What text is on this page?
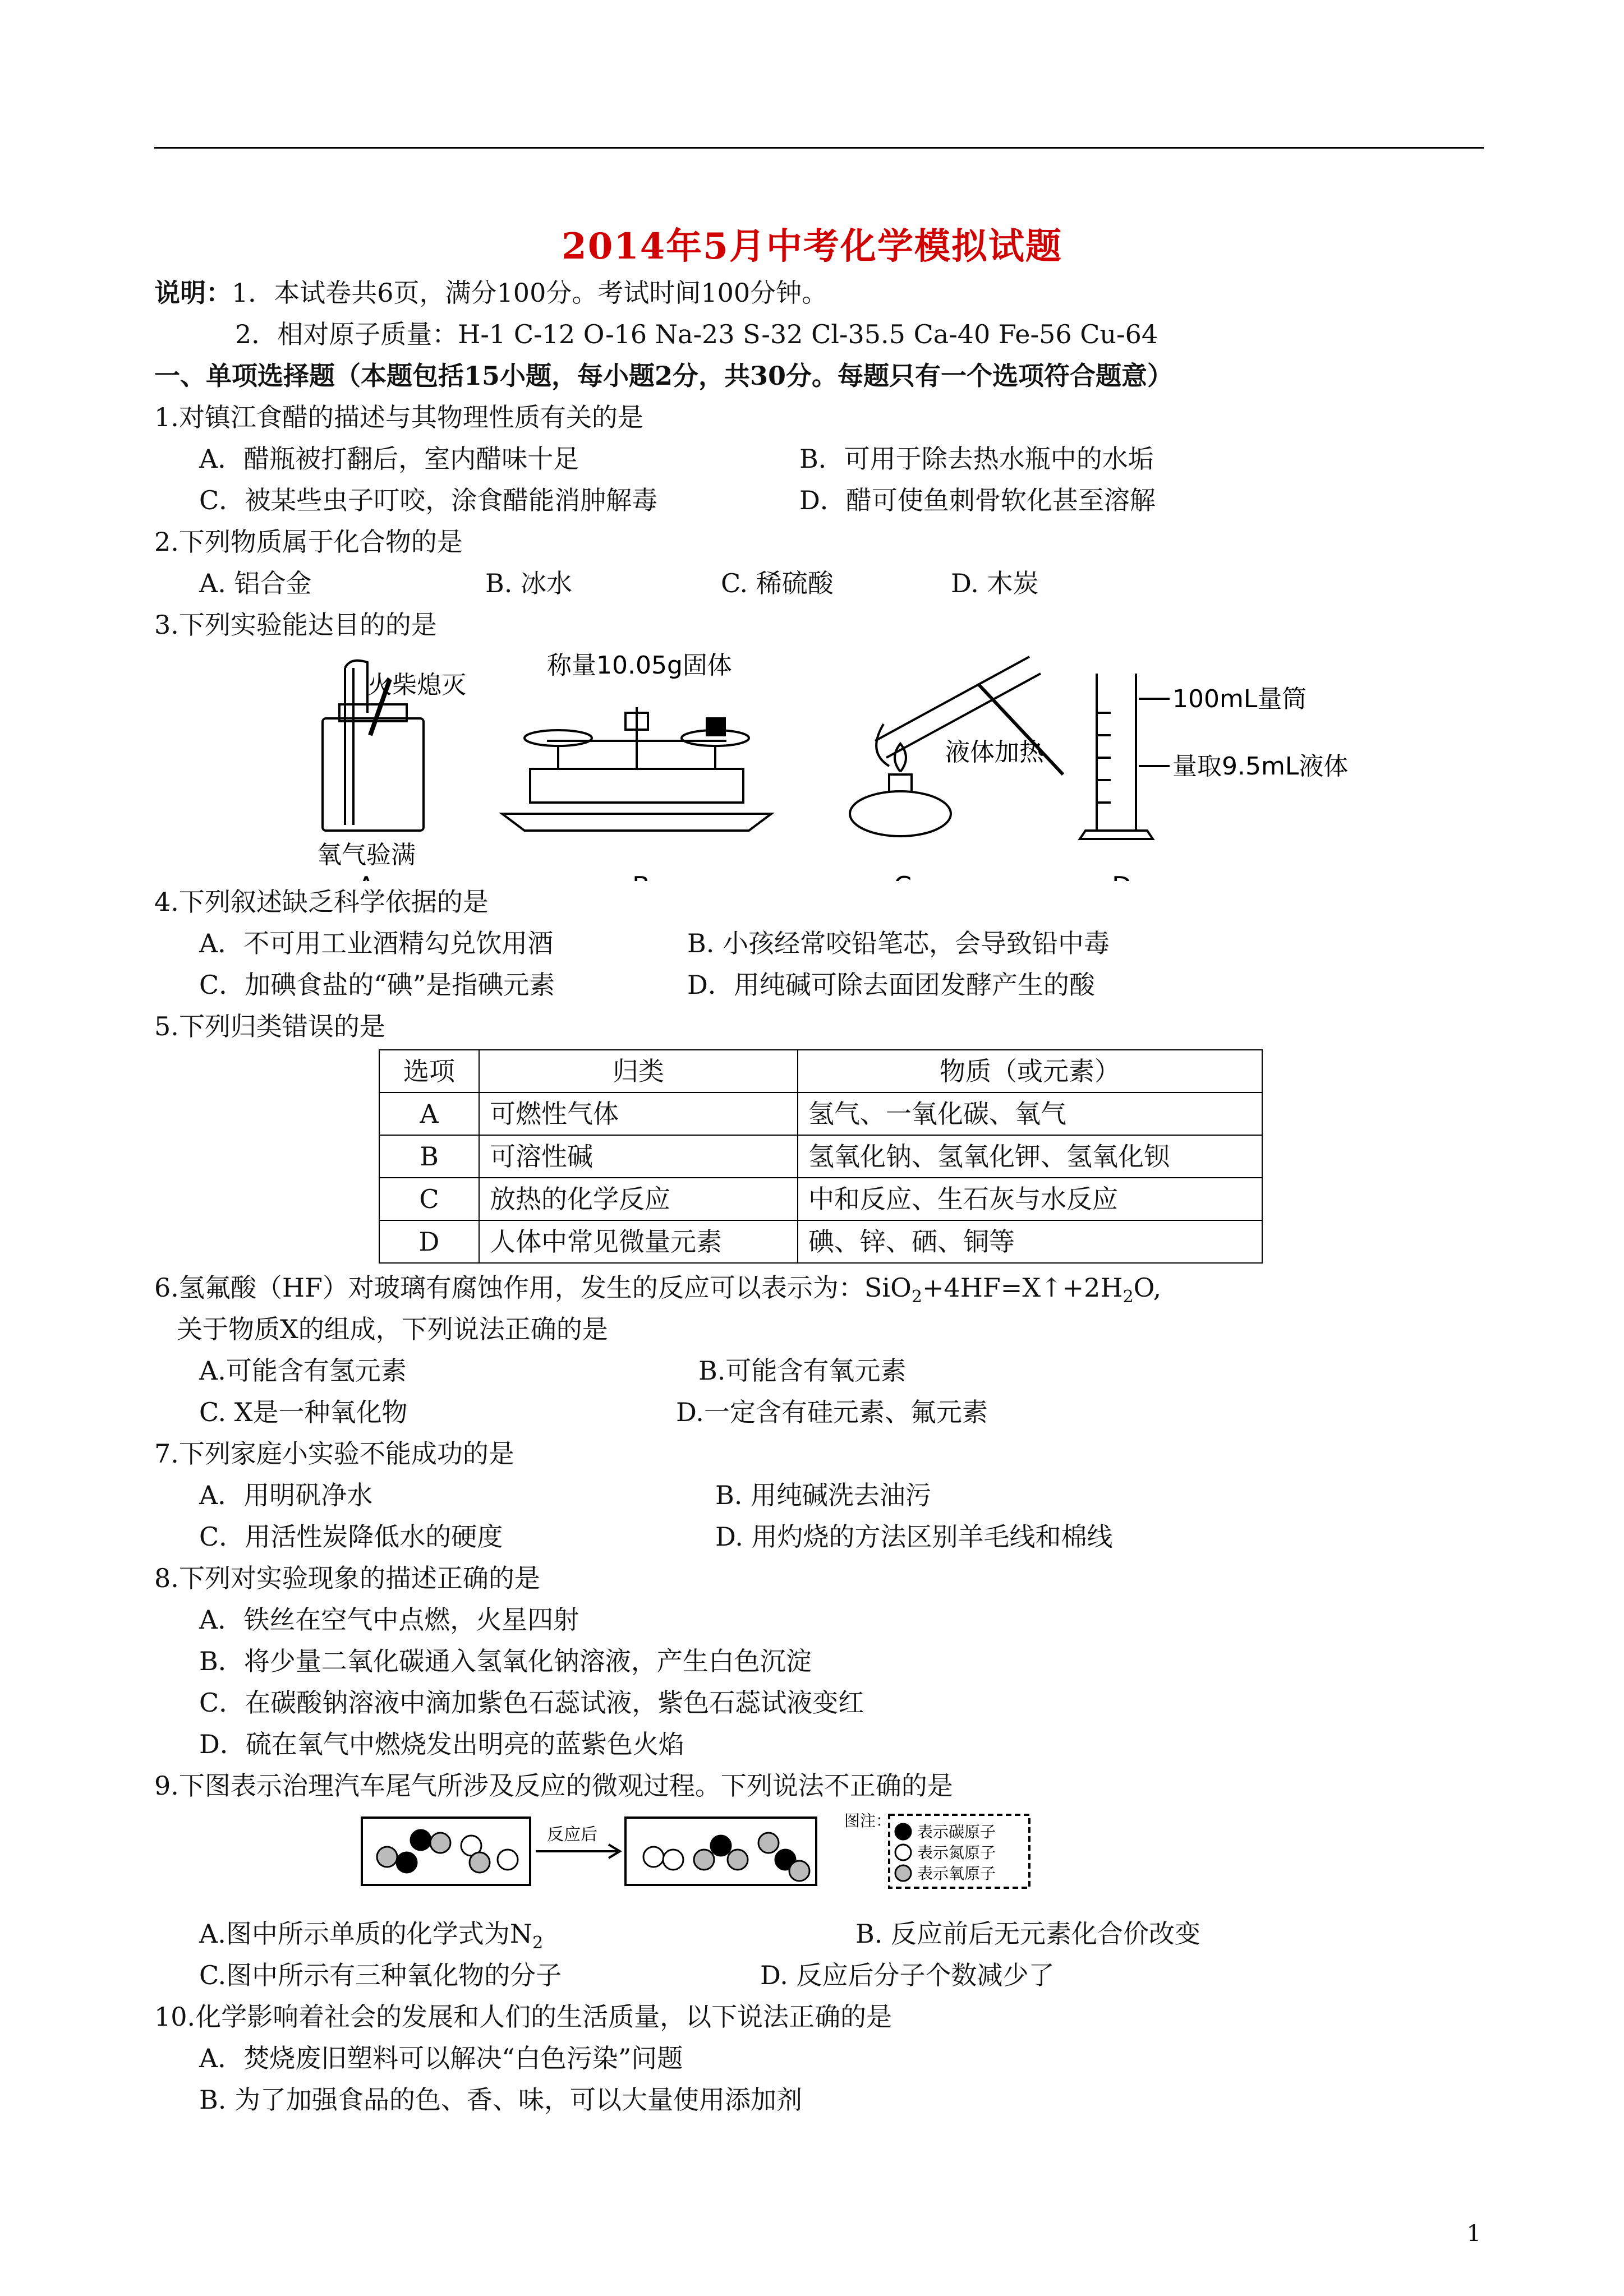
2014年5月中考化学模拟试题
说明：1．本试卷共6页，满分100分。考试时间100分钟。
2．相对原子质量：H-1 C-12 O-16 Na-23 S-32 Cl-35.5 Ca-40 Fe-56 Cu-64
一、单项选择题（本题包括15小题，每小题2分，共30分。每题只有一个选项符合题意）
1.对镇江食醋的描述与其物理性质有关的是
A．醋瓶被打翻后，室内醋味十足	B．可用于除去热水瓶中的水垢
C．被某些虫子叮咬，涂食醋能消肿解毒	D．醋可使鱼刺骨软化甚至溶解
2.下列物质属于化合物的是
A. 铝合金	B. 冰水	C. 稀硫酸	D. 木炭
3.下列实验能达目的的是
火柴熄灭
氧气验满
称量10.05g固体
液体加热
100mL量筒
量取9.5mL液体
4.下列叙述缺乏科学依据的是
A．不可用工业酒精勾兑饮用酒	B. 小孩经常咬铅笔芯，会导致铅中毒
C．加碘食盐的“碘”是指碘元素	D．用纯碱可除去面团发酵产生的酸
5.下列归类错误的是
选项	归类	物质（或元素）
A	可燃性气体	氢气、一氧化碳、氧气
B	可溶性碱	氢氧化钠、氢氧化钾、氢氧化钡
C	放热的化学反应	中和反应、生石灰与水反应
D	人体中常见微量元素	碘、锌、硒、铜等
6.氢氟酸（HF）对玻璃有腐蚀作用，发生的反应可以表示为：$SiO_2+4HF=X↑+2H_2O$,
关于物质X的组成，下列说法正确的是
A.可能含有氢元素	B.可能含有氧元素
C. X是一种氧化物	D.一定含有硅元素、氟元素
7.下列家庭小实验不能成功的是
A．用明矾净水	B. 用纯碱洗去油污
C．用活性炭降低水的硬度	D. 用灼烧的方法区别羊毛线和棉线
8.下列对实验现象的描述正确的是
A．铁丝在空气中点燃，火星四射
B．将少量二氧化碳通入氢氧化钠溶液，产生白色沉淀
C．在碳酸钠溶液中滴加紫色石蕊试液，紫色石蕊试液变红
D．硫在氧气中燃烧发出明亮的蓝紫色火焰
9.下图表示治理汽车尾气所涉及反应的微观过程。下列说法不正确的是
反应后
图注：
表示碳原子
表示氮原子
表示氧原子
A.图中所示单质的化学式为$N_2$	B. 反应前后无元素化合价改变
C.图中所示有三种氧化物的分子	D. 反应后分子个数减少了
10.化学影响着社会的发展和人们的生活质量，以下说法正确的是
A．焚烧废旧塑料可以解决“白色污染”问题
B. 为了加强食品的色、香、味，可以大量使用添加剂
1
